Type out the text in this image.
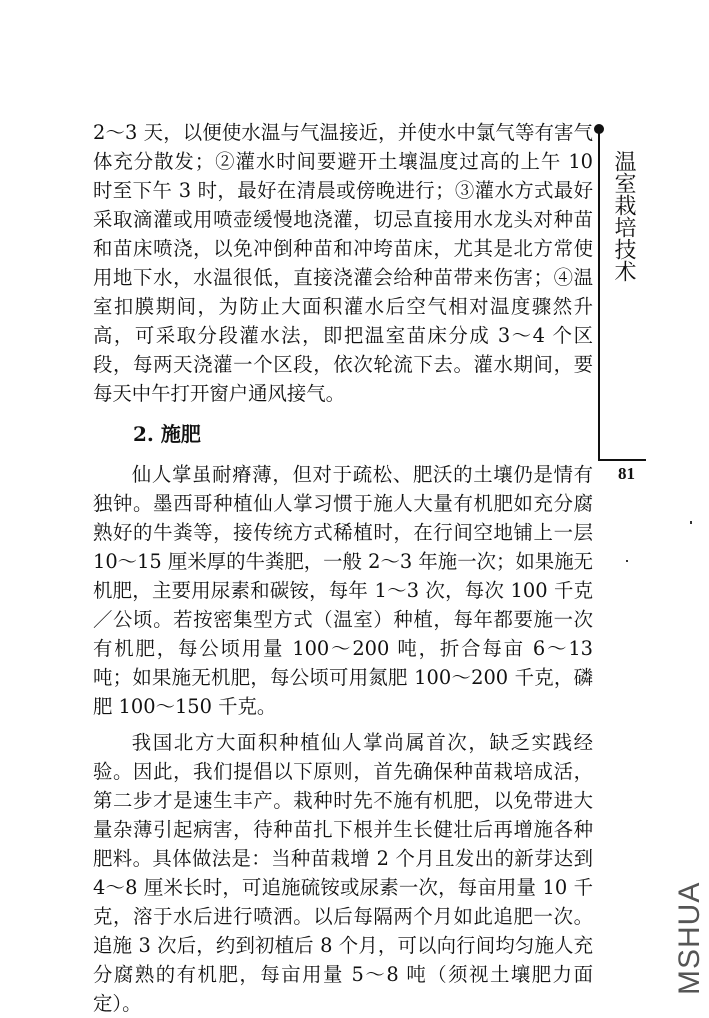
2～3 天，以便使水温与气温接近，并使水中氯气等有害气体充分散发；②灌水时间要避开土壤温度过高的上午 10 时至下午 3 时，最好在清晨或傍晚进行；③灌水方式最好采取滴灌或用喷壶缓慢地浇灌，切忌直接用水龙头对种苗和苗床喷浇，以免冲倒种苗和冲垮苗床，尤其是北方常使用地下水，水温很低，直接浇灌会给种苗带来伤害；④温室扣膜期间，为防止大面积灌水后空气相对温度骤然升高，可采取分段灌水法，即把温室苗床分成 3～4 个区段，每两天浇灌一个区段，依次轮流下去。灌水期间，要每天中午打开窗户通风接气。

2. 施肥

仙人掌虽耐瘠薄，但对于疏松、肥沃的土壤仍是情有独钟。墨西哥种植仙人掌习惯于施人大量有机肥如充分腐熟好的牛粪等，接传统方式稀植时，在行间空地铺上一层 10～15 厘米厚的牛粪肥，一般 2～3 年施一次；如果施无机肥，主要用尿素和碳铵，每年 1～3 次，每次 100 千克／公顷。若按密集型方式（温室）种植，每年都要施一次有机肥，每公顷用量 100～200 吨，折合每亩 6～13 吨；如果施无机肥，每公顷可用氮肥 100～200 千克，磷肥 100～150 千克。

我国北方大面积种植仙人掌尚属首次，缺乏实践经验。因此，我们提倡以下原则，首先确保种苗栽培成活，第二步才是速生丰产。栽种时先不施有机肥，以免带进大量杂薄引起病害，待种苗扎下根并生长健壮后再增施各种肥料。具体做法是：当种苗栽增 2 个月且发出的新芽达到 4～8 厘米长时，可追施硫铵或尿素一次，每亩用量 10 千克，溶于水后进行喷洒。以后每隔两个月如此追肥一次。追施 3 次后，约到初植后 8 个月，可以向行间均匀施人充分腐熟的有机肥，每亩用量 5～8 吨（须视土壤肥力面定）。

温室栽培技术
81
MSHUA
